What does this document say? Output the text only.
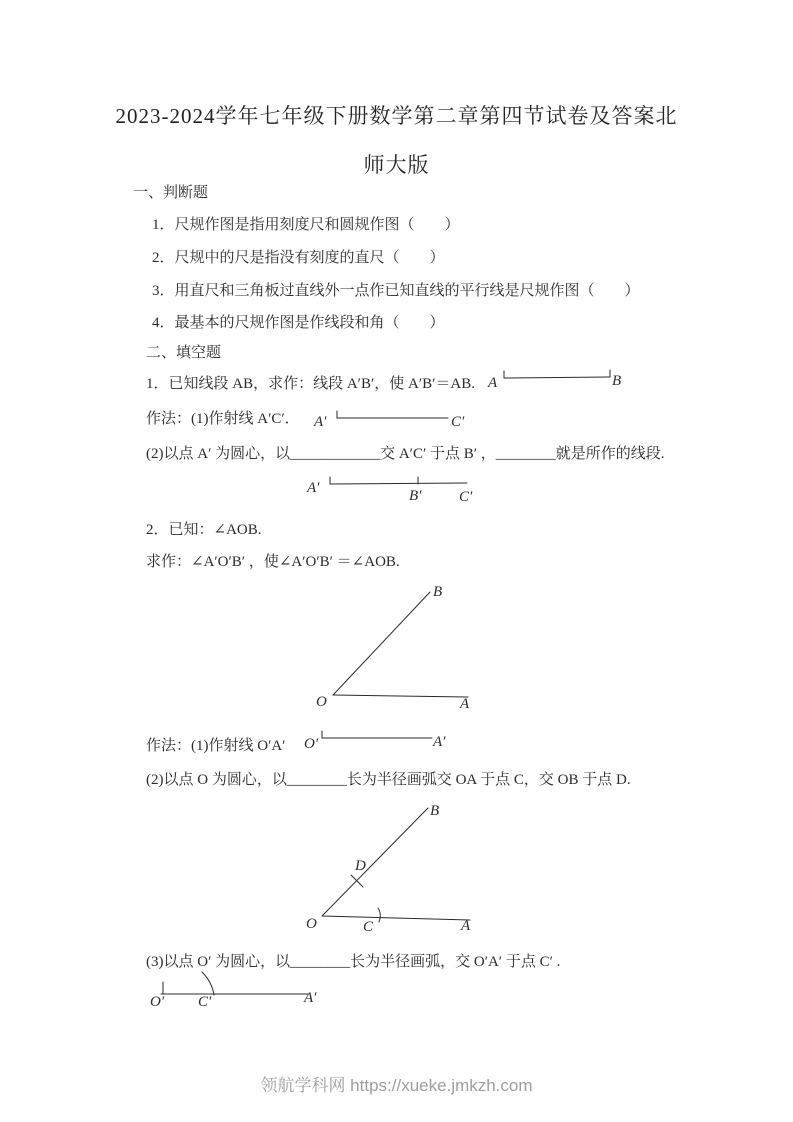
2023-2024学年七年级下册数学第二章第四节试卷及答案北
师大版
一、判断题
1．尺规作图是指用刻度尺和圆规作图（　　）
2．尺规中的尺是指没有刻度的直尺（　　）
3．用直尺和三角板过直线外一点作已知直线的平行线是尺规作图（　　）
4．最基本的尺规作图是作线段和角（　　）
二、填空题
1．已知线段 AB，求作：线段 A′B′，使 A′B′＝AB. A	B
作法：(1)作射线 A′C′． A′	C′
(2)以点 A′ 为圆心，以____________交 A′C′ 于点 B′ ，________就是所作的线段.
A′	B′	C′
2．已知：∠AOB.
求作：∠A′O′B′ ，使∠A′O′B′ ＝∠AOB.
O	A
B
作法：(1)作射线 O′A′ O′	A′
(2)以点 O 为圆心，以________长为半径画弧交 OA 于点 C，交 OB 于点 D.
O	A
B
D
C
(3)以点 O′ 为圆心，以________长为半径画弧，交 O′A′ 于点 C′ .
O′ C′	A′
领航学科网 https://xueke.jmkzh.com
